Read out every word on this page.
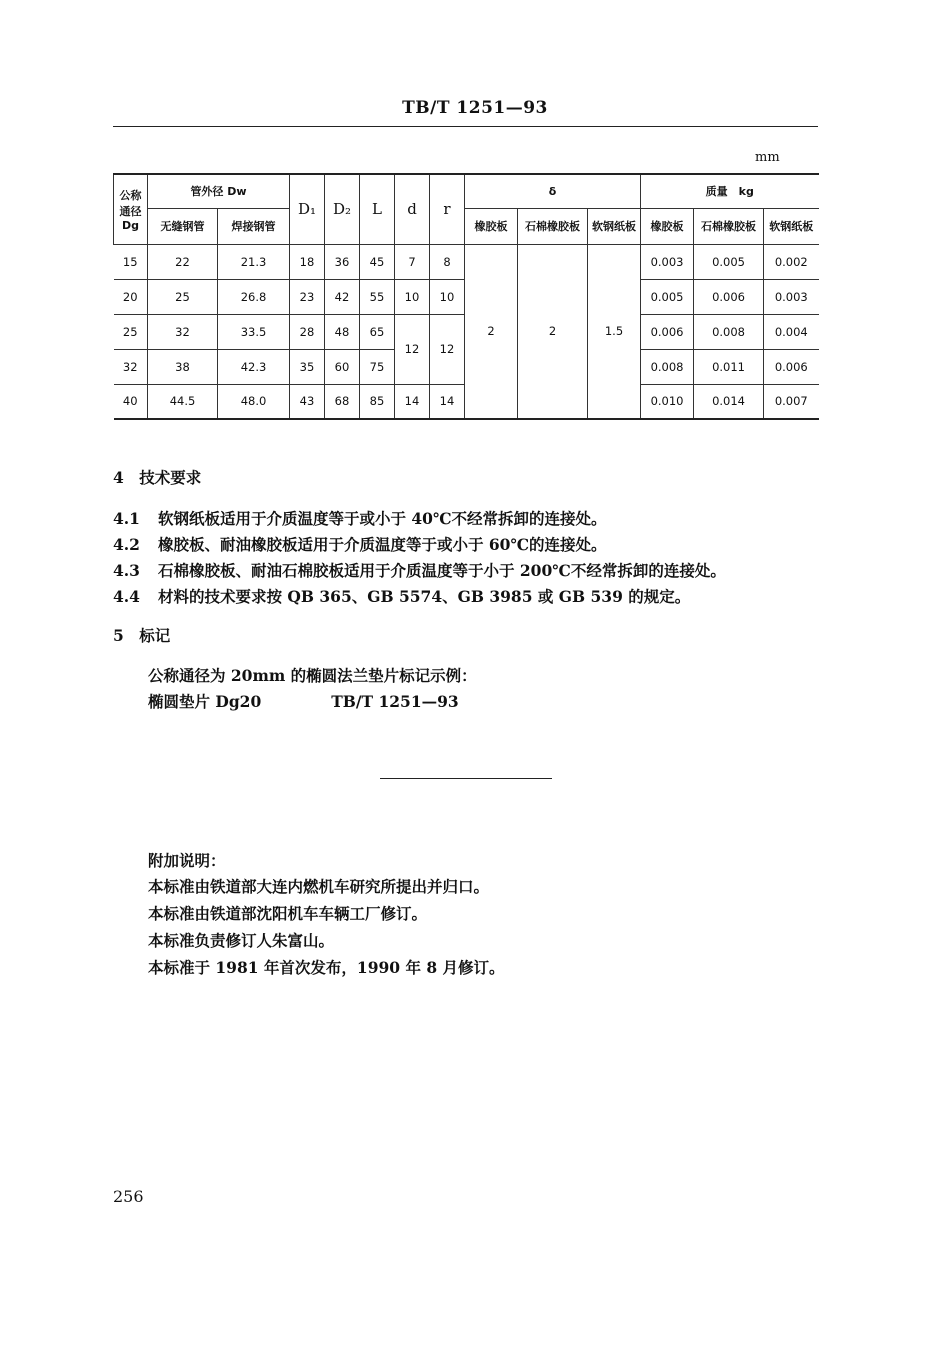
TB/T 1251—93
mm
公称
通径
Dg	管外径 Dw		D₁	D₂	L	d	r	δ			质量　kg		
	无缝钢管	焊接钢管						橡胶板	石棉橡胶板	软钢纸板	橡胶板	石棉橡胶板	软钢纸板
15	22	21.3	18	36	45	7	8	2	2	1.5	0.003	0.005	0.002
20	25	26.8	23	42	55	10	10				0.005	0.006	0.003
25	32	33.5	28	48	65	12	12				0.006	0.008	0.004
32	38	42.3	35	60	75						0.008	0.011	0.006
40	44.5	48.0	43	68	85	14	14				0.010	0.014	0.007
4　技术要求
4.1 软钢纸板适用于介质温度等于或小于 40℃不经常拆卸的连接处。
4.2 橡胶板、耐油橡胶板适用于介质温度等于或小于 60℃的连接处。
4.3 石棉橡胶板、耐油石棉胶板适用于介质温度等于小于 200℃不经常拆卸的连接处。
4.4 材料的技术要求按 QB 365、GB 5574、GB 3985 或 GB 539 的规定。
5　标记
公称通径为 20mm 的椭圆法兰垫片标记示例：
椭圆垫片 Dg20	TB/T 1251—93
附加说明：
本标准由铁道部大连内燃机车研究所提出并归口。
本标准由铁道部沈阳机车车辆工厂修订。
本标准负责修订人朱富山。
本标准于 1981 年首次发布，1990 年 8 月修订。
256
